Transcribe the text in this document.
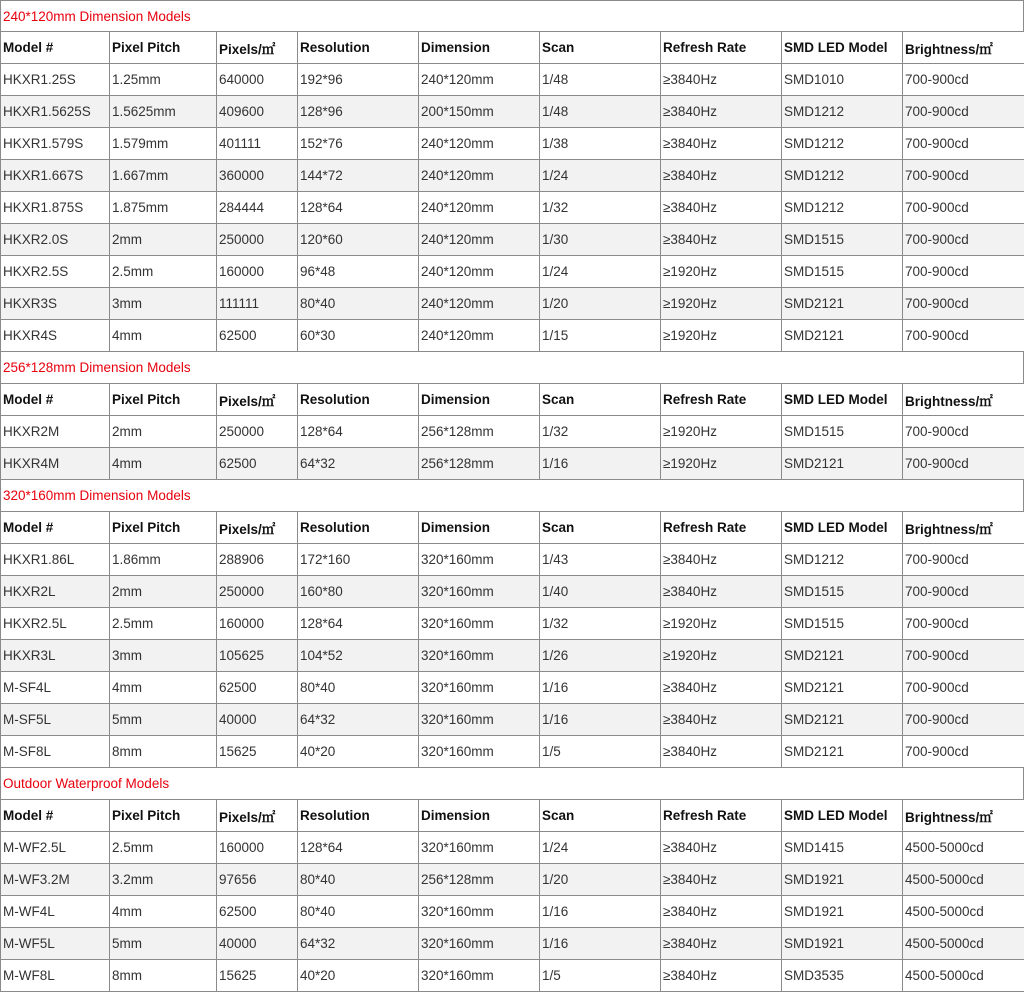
240*120mm Dimension Models
Model #	Pixel Pitch	Pixels/㎡	Resolution	Dimension	Scan	Refresh Rate	SMD LED Model	Brightness/㎡
HKXR1.25S	1.25mm	640000	192*96	240*120mm	1/48	≥3840Hz	SMD1010	700-900cd
HKXR1.5625S	1.5625mm	409600	128*96	200*150mm	1/48	≥3840Hz	SMD1212	700-900cd
HKXR1.579S	1.579mm	401111	152*76	240*120mm	1/38	≥3840Hz	SMD1212	700-900cd
HKXR1.667S	1.667mm	360000	144*72	240*120mm	1/24	≥3840Hz	SMD1212	700-900cd
HKXR1.875S	1.875mm	284444	128*64	240*120mm	1/32	≥3840Hz	SMD1212	700-900cd
HKXR2.0S	2mm	250000	120*60	240*120mm	1/30	≥3840Hz	SMD1515	700-900cd
HKXR2.5S	2.5mm	160000	96*48	240*120mm	1/24	≥1920Hz	SMD1515	700-900cd
HKXR3S	3mm	111111	80*40	240*120mm	1/20	≥1920Hz	SMD2121	700-900cd
HKXR4S	4mm	62500	60*30	240*120mm	1/15	≥1920Hz	SMD2121	700-900cd
256*128mm Dimension Models
Model #	Pixel Pitch	Pixels/㎡	Resolution	Dimension	Scan	Refresh Rate	SMD LED Model	Brightness/㎡
HKXR2M	2mm	250000	128*64	256*128mm	1/32	≥1920Hz	SMD1515	700-900cd
HKXR4M	4mm	62500	64*32	256*128mm	1/16	≥1920Hz	SMD2121	700-900cd
320*160mm Dimension Models
Model #	Pixel Pitch	Pixels/㎡	Resolution	Dimension	Scan	Refresh Rate	SMD LED Model	Brightness/㎡
HKXR1.86L	1.86mm	288906	172*160	320*160mm	1/43	≥3840Hz	SMD1212	700-900cd
HKXR2L	2mm	250000	160*80	320*160mm	1/40	≥3840Hz	SMD1515	700-900cd
HKXR2.5L	2.5mm	160000	128*64	320*160mm	1/32	≥1920Hz	SMD1515	700-900cd
HKXR3L	3mm	105625	104*52	320*160mm	1/26	≥1920Hz	SMD2121	700-900cd
M-SF4L	4mm	62500	80*40	320*160mm	1/16	≥3840Hz	SMD2121	700-900cd
M-SF5L	5mm	40000	64*32	320*160mm	1/16	≥3840Hz	SMD2121	700-900cd
M-SF8L	8mm	15625	40*20	320*160mm	1/5	≥3840Hz	SMD2121	700-900cd
Outdoor Waterproof Models
Model #	Pixel Pitch	Pixels/㎡	Resolution	Dimension	Scan	Refresh Rate	SMD LED Model	Brightness/㎡
M-WF2.5L	2.5mm	160000	128*64	320*160mm	1/24	≥3840Hz	SMD1415	4500-5000cd
M-WF3.2M	3.2mm	97656	80*40	256*128mm	1/20	≥3840Hz	SMD1921	4500-5000cd
M-WF4L	4mm	62500	80*40	320*160mm	1/16	≥3840Hz	SMD1921	4500-5000cd
M-WF5L	5mm	40000	64*32	320*160mm	1/16	≥3840Hz	SMD1921	4500-5000cd
M-WF8L	8mm	15625	40*20	320*160mm	1/5	≥3840Hz	SMD3535	4500-5000cd
